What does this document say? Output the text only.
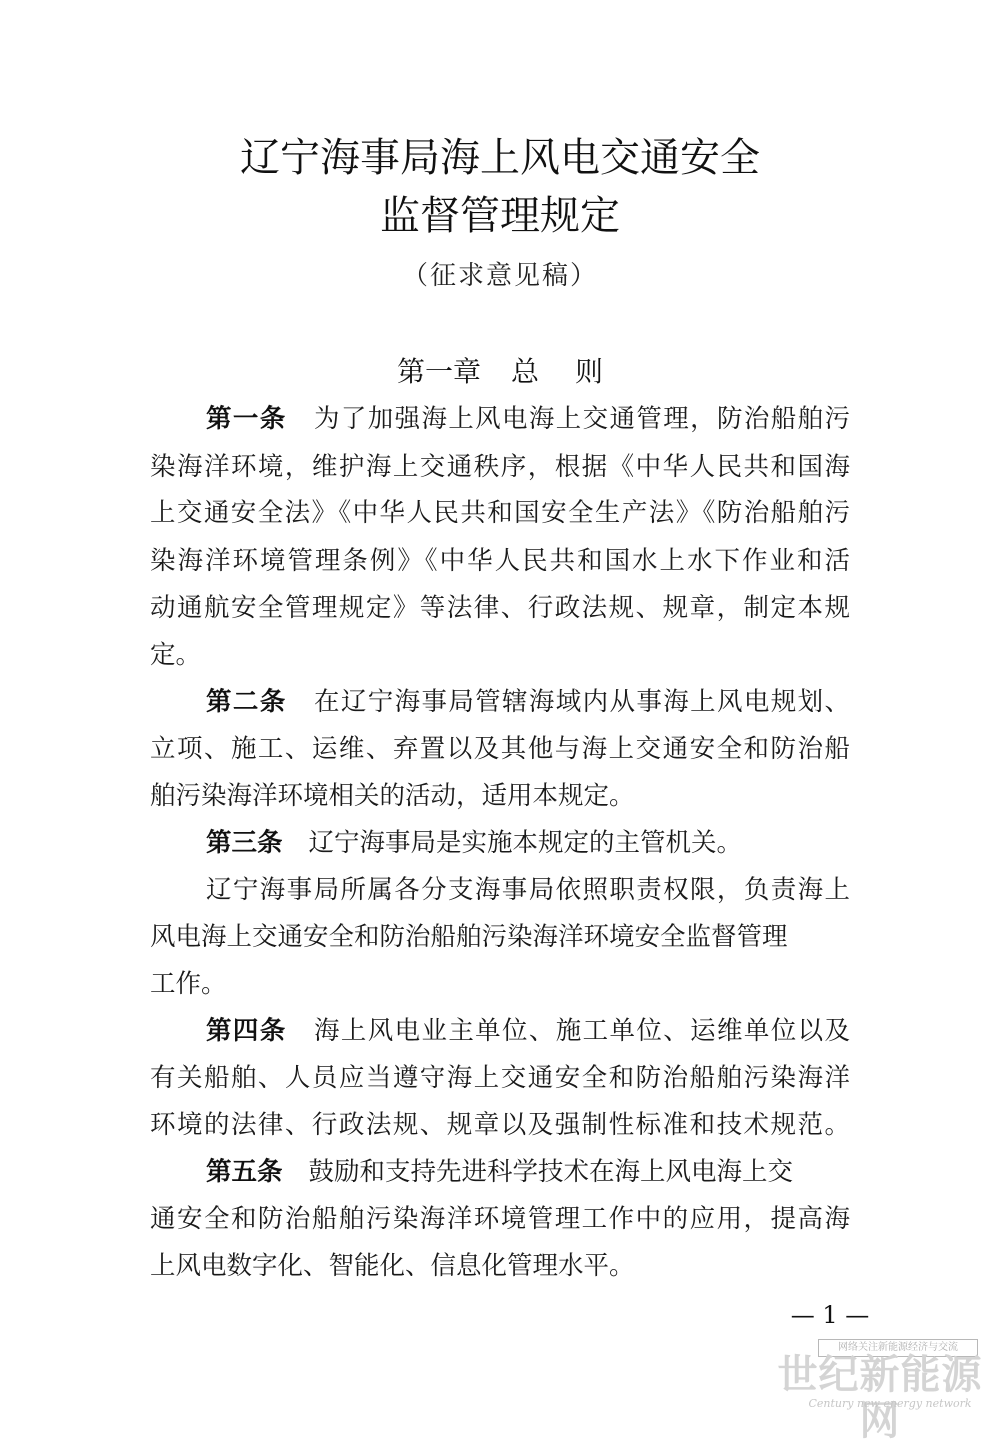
辽宁海事局海上风电交通安全
监督管理规定
（征求意见稿）
第一章 总 则
第一条 为了加强海上风电海上交通管理，防治船舶污
染海洋环境，维护海上交通秩序，根据《中华人民共和国海
上交通安全法》《中华人民共和国安全生产法》《防治船舶污
染海洋环境管理条例》《中华人民共和国水上水下作业和活
动通航安全管理规定》等法律、行政法规、规章，制定本规
定。
第二条 在辽宁海事局管辖海域内从事海上风电规划、
立项、施工、运维、弃置以及其他与海上交通安全和防治船
舶污染海洋环境相关的活动，适用本规定。
第三条 辽宁海事局是实施本规定的主管机关。
辽宁海事局所属各分支海事局依照职责权限，负责海上
风电海上交通安全和防治船舶污染海洋环境安全监督管理
工作。
第四条 海上风电业主单位、施工单位、运维单位以及
有关船舶、人员应当遵守海上交通安全和防治船舶污染海洋
环境的法律、行政法规、规章以及强制性标准和技术规范。
第五条 鼓励和支持先进科学技术在海上风电海上交
通安全和防治船舶污染海洋环境管理工作中的应用，提高海
上风电数字化、智能化、信息化管理水平。
— 1 —
网络关注新能源经济与交流
世纪新能源网
Century new energy network
